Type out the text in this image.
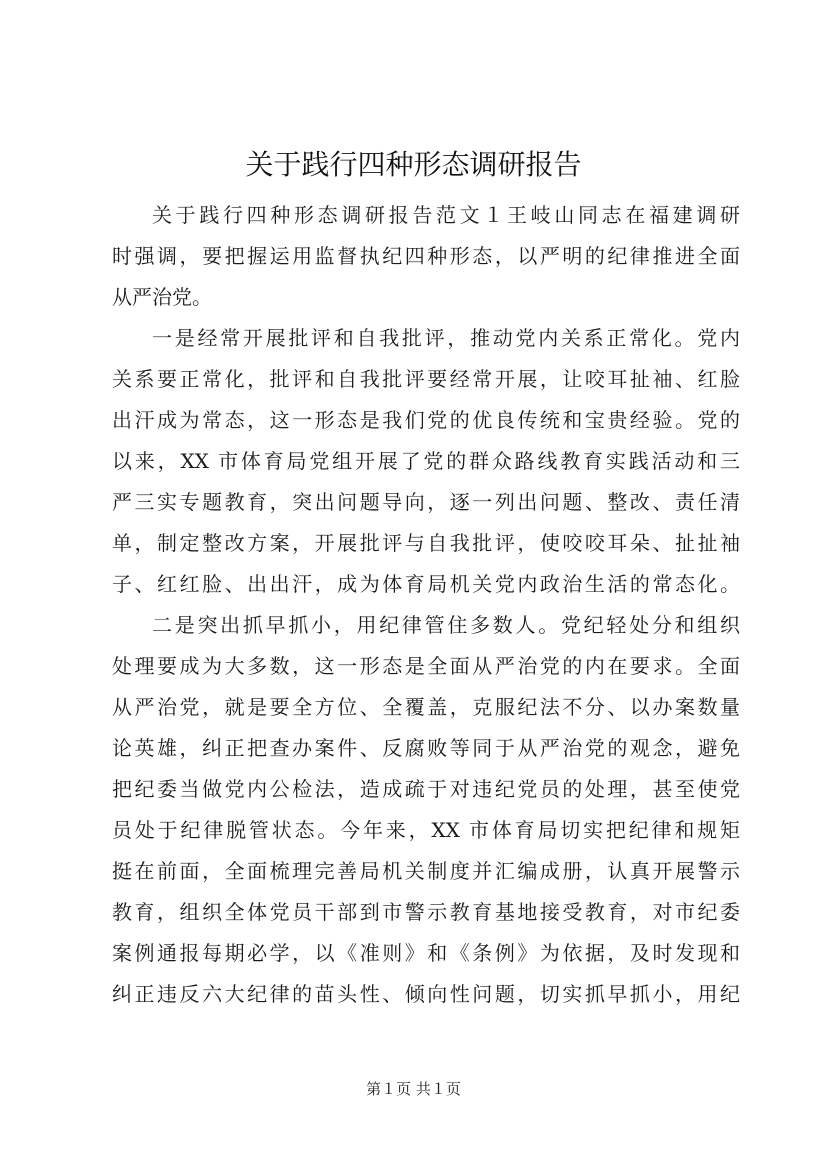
关于践行四种形态调研报告
关于践行四种形态调研报告范文１王岐山同志在福建调研
时强调，要把握运用监督执纪四种形态，以严明的纪律推进全面
从严治党。
一是经常开展批评和自我批评，推动党内关系正常化。党内
关系要正常化，批评和自我批评要经常开展，让咬耳扯袖、红脸
出汗成为常态，这一形态是我们党的优良传统和宝贵经验。党的
以来，XX 市体育局党组开展了党的群众路线教育实践活动和三
严三实专题教育，突出问题导向，逐一列出问题、整改、责任清
单，制定整改方案，开展批评与自我批评，使咬咬耳朵、扯扯袖
子、红红脸、出出汗，成为体育局机关党内政治生活的常态化。
二是突出抓早抓小，用纪律管住多数人。党纪轻处分和组织
处理要成为大多数，这一形态是全面从严治党的内在要求。全面
从严治党，就是要全方位、全覆盖，克服纪法不分、以办案数量
论英雄，纠正把查办案件、反腐败等同于从严治党的观念，避免
把纪委当做党内公检法，造成疏于对违纪党员的处理，甚至使党
员处于纪律脱管状态。今年来，XX 市体育局切实把纪律和规矩
挺在前面，全面梳理完善局机关制度并汇编成册，认真开展警示
教育，组织全体党员干部到市警示教育基地接受教育，对市纪委
案例通报每期必学，以《准则》和《条例》为依据，及时发现和
纠正违反六大纪律的苗头性、倾向性问题，切实抓早抓小，用纪
第１页 共１页
